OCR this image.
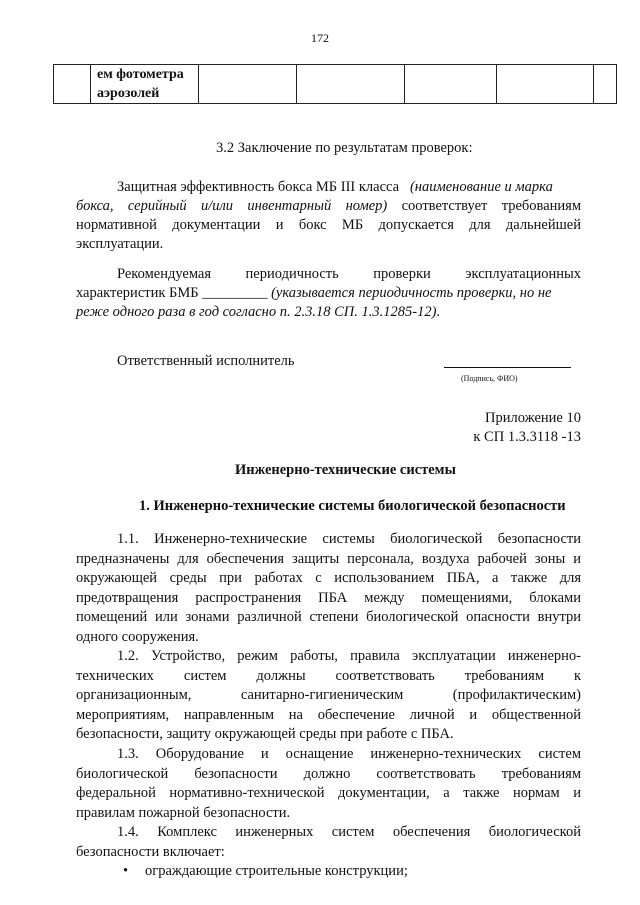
172

ем фотометра
аэрозолей

3.2 Заключение по результатам проверок:
Защитная эффективность бокса МБ III класса (наименование и марка
бокса, серийный и/или инвентарный номер) соответствует требованиям
нормативной документации и бокс МБ допускается для дальнейшей
эксплуатации.
Рекомендуемая периодичность проверки эксплуатационных
характеристик БМБ _________ (указывается периодичность проверки, но не
реже одного раза в год согласно п. 2.3.18 СП. 1.3.1285-12).
Ответственный исполнитель
(Подпись, ФИО)
Приложение 10
к СП 1.3.3118 -13
Инженерно-технические системы
1. Инженерно-технические системы биологической безопасности
1.1. Инженерно-технические системы биологической безопасности
предназначены для обеспечения защиты персонала, воздуха рабочей зоны и
окружающей среды при работах с использованием ПБА, а также для
предотвращения распространения ПБА между помещениями, блоками
помещений или зонами различной степени биологической опасности внутри
одного сооружения.
1.2. Устройство, режим работы, правила эксплуатации инженерно-
технических систем должны соответствовать требованиям к
организационным, санитарно-гигиеническим (профилактическим)
мероприятиям, направленным на обеспечение личной и общественной
безопасности, защиту окружающей среды при работе с ПБА.
1.3. Оборудование и оснащение инженерно-технических систем
биологической безопасности должно соответствовать требованиям
федеральной нормативно-технической документации, а также нормам и
правилам пожарной безопасности.
1.4. Комплекс инженерных систем обеспечения биологической
безопасности включает:
• ограждающие строительные конструкции;
